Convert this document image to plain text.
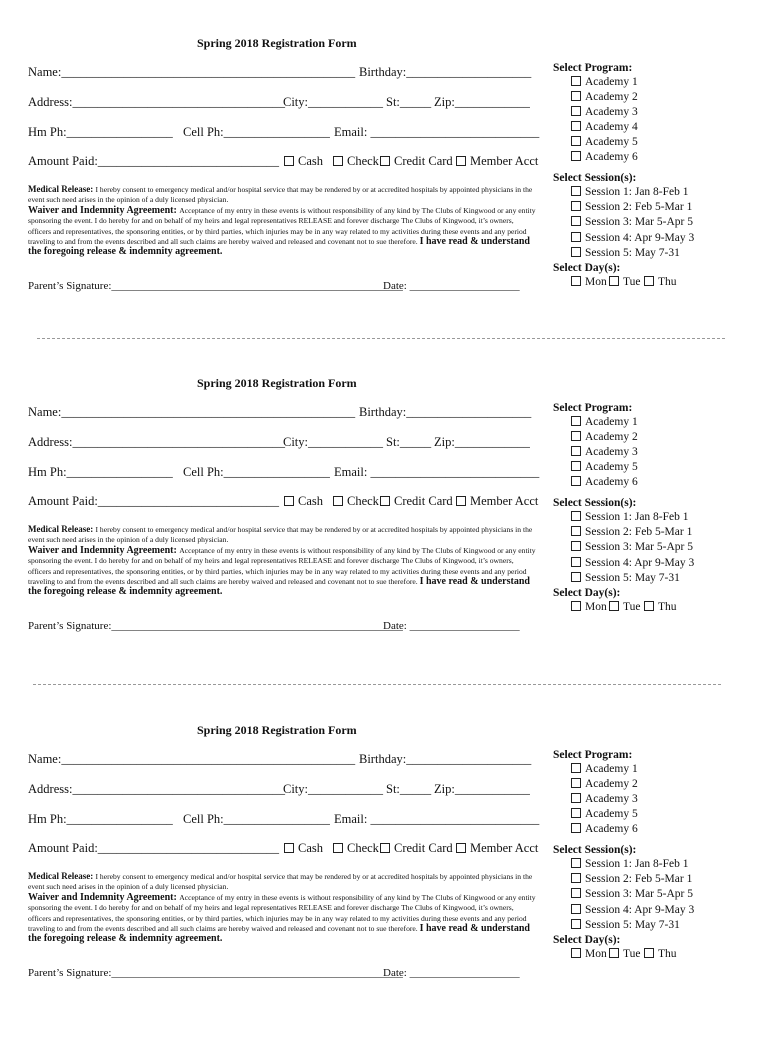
Spring 2018 Registration Form
Name:_______________________________________________ Birthday:____________________
Address:__________________________________
City:____________ St:_____ Zip:____________
Hm Ph:_________________ Cell Ph:_________________ Email: ___________________________
Amount Paid:_____________________________	Cash	Check	Credit Card	Member Acct
Medical Release: I hereby consent to emergency medical and/or hospital service that may be rendered by or at accredited hospitals by appointed physicians in the event such need arises in the opinion of a duly licensed physician.
Waiver and Indemnity Agreement: Acceptance of my entry in these events is without responsibility of any kind by The Clubs of Kingwood or any entity sponsoring the event. I do hereby for and on behalf of my heirs and legal representatives RELEASE and forever discharge The Clubs of Kingwood, it’s owners, officers and representatives, the sponsoring entities, or by third parties, which injuries may be in any way related to my activities during these events and any period traveling to and from the events described and all such claims are hereby waived and released and covenant not to sue therefore. I have read & understand the foregoing release & indemnity agreement.
Parent’s Signature:_____________________________________________________
Date: ____________________
Select Program:
Academy 1
Academy 2
Academy 3
Academy 4
Academy 5
Academy 6
Select Session(s):
Session 1: Jan 8-Feb 1
Session 2: Feb 5-Mar 1
Session 3: Mar 5-Apr 5
Session 4: Apr 9-May 3
Session 5: May 7-31
Select Day(s):
Mon	Tue	Thu
Spring 2018 Registration Form
Name:_______________________________________________ Birthday:____________________
Address:__________________________________
City:____________ St:_____ Zip:____________
Hm Ph:_________________ Cell Ph:_________________ Email: ___________________________
Amount Paid:_____________________________	Cash	Check	Credit Card	Member Acct
Medical Release: I hereby consent to emergency medical and/or hospital service that may be rendered by or at accredited hospitals by appointed physicians in the event such need arises in the opinion of a duly licensed physician.
Waiver and Indemnity Agreement: Acceptance of my entry in these events is without responsibility of any kind by The Clubs of Kingwood or any entity sponsoring the event. I do hereby for and on behalf of my heirs and legal representatives RELEASE and forever discharge The Clubs of Kingwood, it’s owners, officers and representatives, the sponsoring entities, or by third parties, which injuries may be in any way related to my activities during these events and any period traveling to and from the events described and all such claims are hereby waived and released and covenant not to sue therefore. I have read & understand the foregoing release & indemnity agreement.
Parent’s Signature:_____________________________________________________
Date: ____________________
Select Program:
Academy 1
Academy 2
Academy 3
Academy 5
Academy 6
Select Session(s):
Session 1: Jan 8-Feb 1
Session 2: Feb 5-Mar 1
Session 3: Mar 5-Apr 5
Session 4: Apr 9-May 3
Session 5: May 7-31
Select Day(s):
Mon	Tue	Thu
Spring 2018 Registration Form
Name:_______________________________________________ Birthday:____________________
Address:__________________________________
City:____________ St:_____ Zip:____________
Hm Ph:_________________ Cell Ph:_________________ Email: ___________________________
Amount Paid:_____________________________	Cash	Check	Credit Card	Member Acct
Medical Release: I hereby consent to emergency medical and/or hospital service that may be rendered by or at accredited hospitals by appointed physicians in the event such need arises in the opinion of a duly licensed physician.
Waiver and Indemnity Agreement: Acceptance of my entry in these events is without responsibility of any kind by The Clubs of Kingwood or any entity sponsoring the event. I do hereby for and on behalf of my heirs and legal representatives RELEASE and forever discharge The Clubs of Kingwood, it’s owners, officers and representatives, the sponsoring entities, or by third parties, which injuries may be in any way related to my activities during these events and any period traveling to and from the events described and all such claims are hereby waived and released and covenant not to sue therefore. I have read & understand the foregoing release & indemnity agreement.
Parent’s Signature:_____________________________________________________
Date: ____________________
Select Program:
Academy 1
Academy 2
Academy 3
Academy 5
Academy 6
Select Session(s):
Session 1: Jan 8-Feb 1
Session 2: Feb 5-Mar 1
Session 3: Mar 5-Apr 5
Session 4: Apr 9-May 3
Session 5: May 7-31
Select Day(s):
Mon	Tue	Thu
